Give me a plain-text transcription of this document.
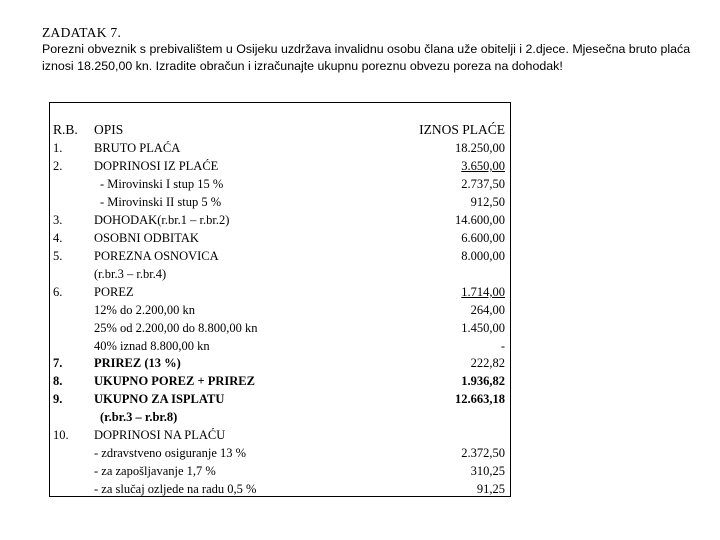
ZADATAK 7.
Porezni obveznik s prebivalištem u Osijeku uzdržava invalidnu osobu člana uže obitelji i 2.djece. Mjesečna bruto plaća
iznosi 18.250,00 kn. Izradite obračun i izračunajte ukupnu poreznu obvezu poreza na dohodak!
R.B. OPIS	IZNOS PLAĆE
1.	BRUTO PLAĆA	18.250,00
2.	DOPRINOSI IZ PLAĆE	3.650,00
- Mirovinski I stup 15 %	2.737,50
- Mirovinski II stup 5 %	912,50
3.	DOHODAK(r.br.1 – r.br.2)	14.600,00
4.	OSOBNI ODBITAK	6.600,00
5.	POREZNA OSNOVICA	8.000,00
(r.br.3 – r.br.4)
6.	POREZ	1.714,00
12% do 2.200,00 kn	264,00
25% od 2.200,00 do 8.800,00 kn	1.450,00
40% iznad 8.800,00 kn	-
7.	PRIREZ (13 %)	222,82
8.	UKUPNO POREZ + PRIREZ	1.936,82
9.	UKUPNO ZA ISPLATU	12.663,18
(r.br.3 – r.br.8)
10. DOPRINOSI NA PLAĆU
- zdravstveno osiguranje 13 %	2.372,50
- za zapošljavanje 1,7 %	310,25
- za slučaj ozljede na radu 0,5 %	91,25
